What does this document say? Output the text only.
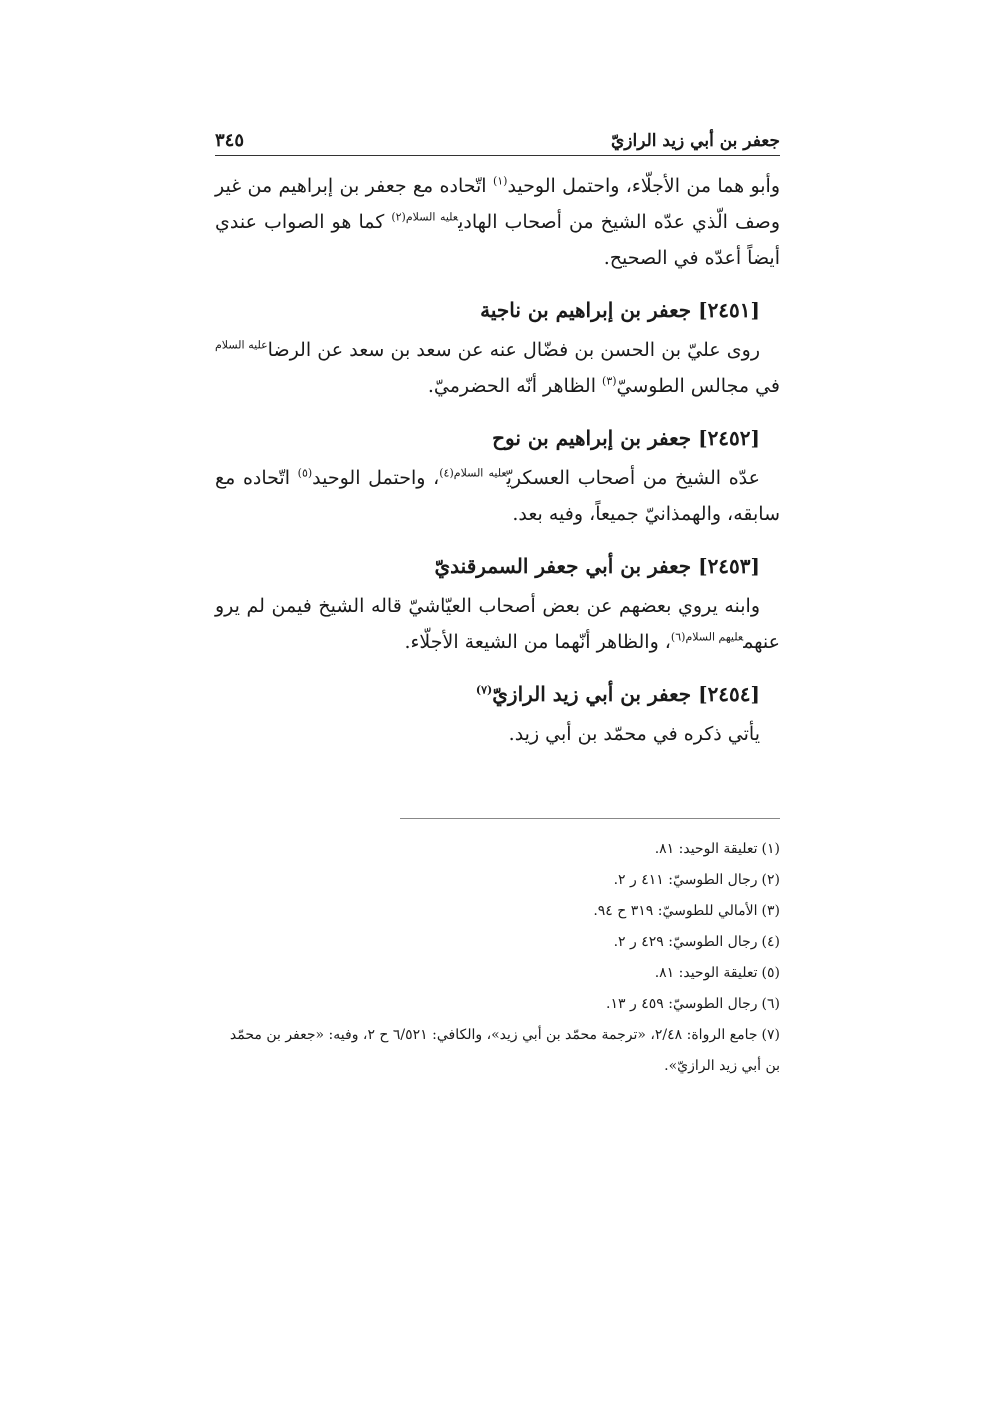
جعفر بن أبي زيد الرازيّ
٣٤٥

وأبو هما من الأجلّاء، واحتمل الوحيد$^{(١)}$ اتّحاده مع جعفر بن إبراهيم من غير وصف الّذي عدّه الشيخ من أصحاب الهادي$^{عليه السلام(٢)}$ كما هو الصواب عندي أيضاً أعدّه في الصحيح.

[٢٤٥١] جعفر بن إبراهيم بن ناجية

روى عليّ بن الحسن بن فضّال عنه عن سعد بن سعد عن الرضا$^{عليه السلام}$ في مجالس الطوسيّ$^{(٣)}$ الظاهر أنّه الحضرميّ.

[٢٤٥٢] جعفر بن إبراهيم بن نوح

عدّه الشيخ من أصحاب العسكريّ$^{عليه السلام(٤)}$، واحتمل الوحيد$^{(٥)}$ اتّحاده مع سابقه، والهمذانيّ جميعاً، وفيه بعد.

[٢٤٥٣] جعفر بن أبي جعفر السمرقنديّ

وابنه يروي بعضهم عن بعض أصحاب العيّاشيّ قاله الشيخ فيمن لم يرو عنهم$^{عليهم السلام(٦)}$، والظاهر أنّهما من الشيعة الأجلّاء.

[٢٤٥٤] جعفر بن أبي زيد الرازيّ$^{(٧)}$

يأتي ذكره في محمّد بن أبي زيد.

(١)تعليقة الوحيد: ٨١.

(٢)رجال الطوسيّ: ٤١١ ر ٢.

(٣)الأمالي للطوسيّ: ٣١٩ ح ٩٤.

(٤)رجال الطوسيّ: ٤٢٩ ر ٢.

(٥)تعليقة الوحيد: ٨١.

(٦)رجال الطوسيّ: ٤٥٩ ر ١٣.

(٧)جامع الرواة: ٢/٤٨، «ترجمة محمّد بن أبي زيد»، والكافي: ٦/٥٢١ ح ٢، وفيه: «جعفر بن محمّد بن أبي زيد الرازيّ».
